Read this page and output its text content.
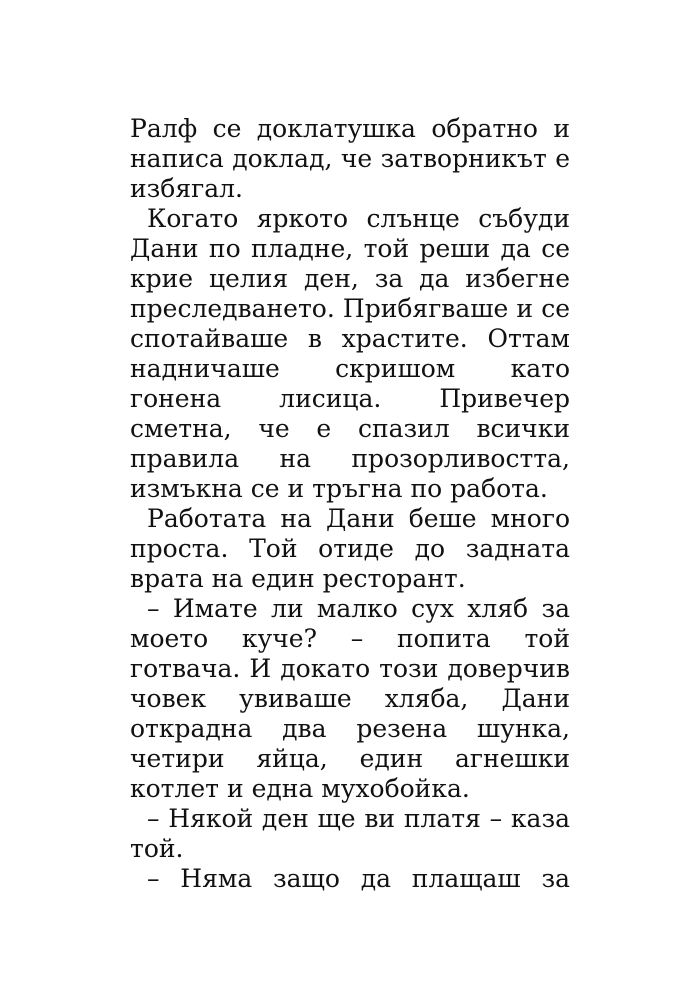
Ралф се доклатушка обратно и написа доклад, че затворникът е избягал.

Когато яркото слънце събуди Дани по пладне, той реши да се крие целия ден, за да избегне преследването. Прибягваше и се спотайваше в храстите. Оттам надничаше скришом като гонена лисица. Привечер сметна, че е спазил всички правила на прозорливостта, измъкна се и тръгна по работа.

Работата на Дани беше много проста. Той отиде до задната врата на един ресторант.

– Имате ли малко сух хляб за моето куче? – попита той готвача. И докато този доверчив човек увиваше хляба, Дани открадна два резена шунка, четири яйца, един агнешки котлет и една мухобойка.

– Някой ден ще ви платя – каза той.

– Няма защо да плащаш за
